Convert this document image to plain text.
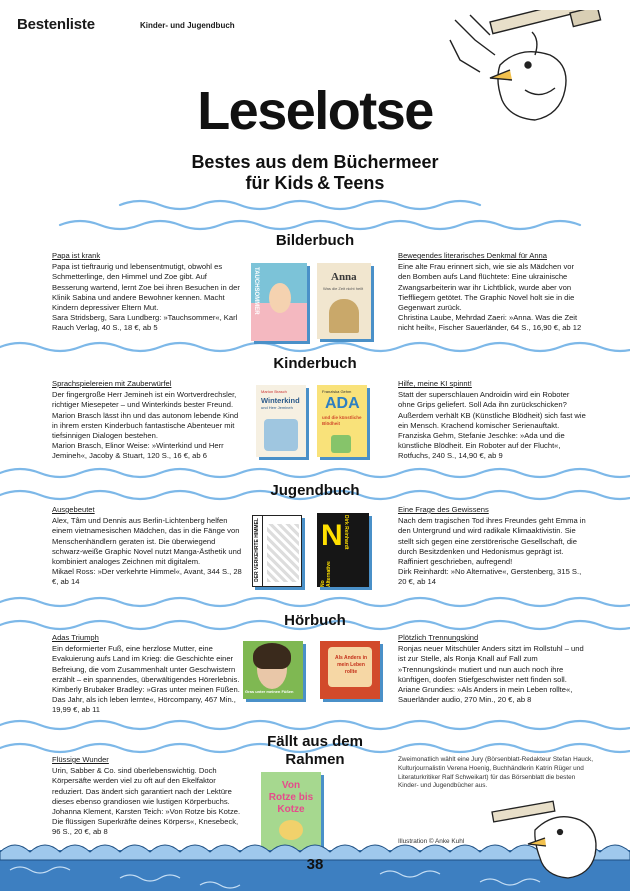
Bestenliste	Kinder- und Jugendbuch
Leselotse
Bestes aus dem Büchermeer
für Kids & Teens
Bilderbuch
Kinderbuch
Jugendbuch
Hörbuch
Fällt aus dem
Rahmen
Papa ist krank

Papa ist tieftraurig und lebensentmutigt, obwohl es Schmetterlinge, den Himmel und Zoe gibt. Auf Besserung wartend, lernt Zoe bei ihren Besuchen in der Klinik Sabina und andere Bewohner kennen. Macht Kindern depressiver Eltern Mut.

Sara Stridsberg, Sara Lundberg: »Tauchsommer«, Karl Rauch Verlag, 40 S., 18 €, ab 5

Sprachspielereien mit Zauberwürfel

Der fingergroße Herr Jemineh ist ein Wortverdrechsler, richtiger Miesepeter – und Winterkinds bester Freund. Marion Brasch lässt ihn und das autonom lebende Kind in ihrem ersten Kinderbuch fantastische Abenteuer mit tiefsinnigen Dialogen bestehen.

Marion Brasch, Elinor Weise: »Winterkind und Herr Jemineh«, Jacoby & Stuart, 120 S., 16 €, ab 6

Ausgebeutet

Alex, Tâm und Dennis aus Berlin-Lichtenberg helfen einem vietnamesischen Mädchen, das in die Fänge von Menschenhändlern geraten ist. Die überwiegend schwarz-weiße Graphic Novel nutzt Manga-Ästhetik und kombiniert analoges Zeichnen mit digitalem.

Mikael Ross: »Der verkehrte Himmel«, Avant, 344 S., 28 €, ab 14

Adas Triumph

Ein deformierter Fuß, eine herzlose Mutter, eine Evakuierung aufs Land im Krieg: die Geschichte einer Befreiung, die vom Zusammenhalt unter Geschwistern erzählt – ein spannendes, überwältigendes Hörerlebnis.

Kimberly Brubaker Bradley: »Gras unter meinen Füßen. Das Jahr, als ich leben lernte«, Hörcompany, 467 Min., 19,99 €, ab 11

Flüssige Wunder

Urin, Sabber & Co. sind überlebenswichtig. Doch Körpersäfte werden viel zu oft auf den Ekelfaktor reduziert. Das ändert sich garantiert nach der Lektüre dieses ebenso grandiosen wie lustigen Körperbuchs.

Johanna Klement, Karsten Teich: »Von Rotze bis Kotze. Die flüssigen Superkräfte deines Körpers«, Knesebeck, 96 S., 20 €, ab 8

Bewegendes literarisches Denkmal für Anna

Eine alte Frau erinnert sich, wie sie als Mädchen vor den Bomben aufs Land flüchtete: Eine ukrainische Zwangsarbeiterin war ihr Lichtblick, wurde aber von Tieffliegern getötet. The Graphic Novel holt sie in die Gegenwart zurück.

Christina Laube, Mehrdad Zaeri: »Anna. Was die Zeit nicht heilt«, Fischer Sauerländer, 64 S., 16,90 €, ab 12

Hilfe, meine KI spinnt!

Statt der superschlauen Androidin wird ein Roboter ohne Grips geliefert. Soll Ada ihn zurückschicken? Außerdem verhält KB (Künstliche Blödheit) sich fast wie ein Mensch. Krachend komischer Serienauftakt.

Franziska Gehm, Stefanie Jeschke: »Ada und die künstliche Blödheit. Ein Roboter auf der Flucht«, Rotfuchs, 240 S., 14,90 €, ab 9

Eine Frage des Gewissens

Nach dem tragischen Tod ihres Freundes geht Emma in den Untergrund und wird radikale Klimaaktivistin. Sie stellt sich gegen eine zerstörerische Gesellschaft, die durch Besitzdenken und Hedonismus geprägt ist. Raffiniert geschrieben, aufregend!

Dirk Reinhardt: »No Alternative«, Gerstenberg, 315 S., 20 €, ab 14

Plötzlich Trennungskind

Ronjas neuer Mitschüler Anders sitzt im Rollstuhl – und ist zur Stelle, als Ronja Knall auf Fall zum »Trennungskind« mutiert und nun auch noch ihre künftigen, doofen Stiefgeschwister nett finden soll.

Ariane Grundies: »Als Anders in mein Leben rollte«, Sauerländer audio, 270 Min., 20 €, ab 8

TAUCHSOMMER	Anna
Was die Zeit nicht heilt
Marion Brasch
Winterkind
und Herr Jemineh
Franziska Gehm
ADA
und die künstliche Blödheit
DER VERKEHRTE HIMMEL	Dirk Reinhardt
N
No Alternative
Gras unter meinen Füßen
Als Anders in mein Leben rollte
Von Rotze bis Kotze
Zweimonatlich wählt eine Jury (Börsenblatt-Redakteur Stefan Hauck, Kulturjournalistin Verena Hoenig, Buchhändlerin Katrin Rüger und Literaturkritiker Ralf Schweikart) für das Börsenblatt die besten Kinder- und Jugendbücher aus.
Illustration © Anke Kuhl
38
